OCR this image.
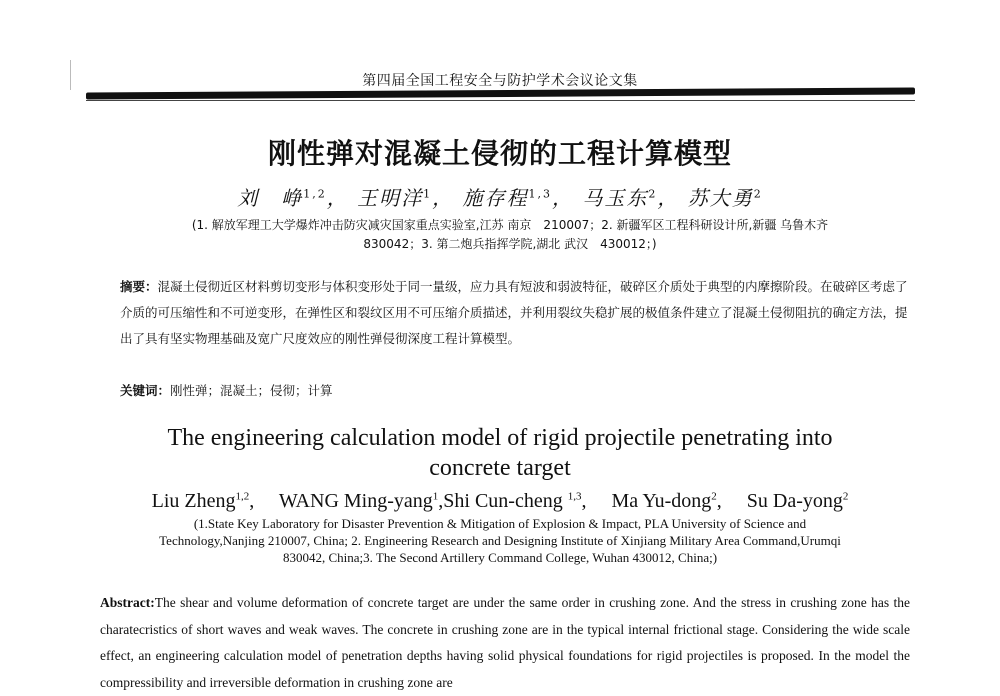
第四届全国工程安全与防护学术会议论文集
刚性弹对混凝土侵彻的工程计算模型
刘　峥$^{1,2}$， 王明洋$^1$， 施存程$^{1,3}$， 马玉东$^2$， 苏大勇$^2$
(1. 解放军理工大学爆炸冲击防灾减灾国家重点实验室,江苏 南京　210007；2. 新疆军区工程科研设计所,新疆 乌鲁木齐
830042；3. 第二炮兵指挥学院,湖北 武汉　430012；)
摘要：混凝土侵彻近区材料剪切变形与体积变形处于同一量级，应力具有短波和弱波特征，破碎区介质处于典型的内摩擦阶段。在破碎区考虑了介质的可压缩性和不可逆变形，在弹性区和裂纹区用不可压缩介质描述，并利用裂纹失稳扩展的极值条件建立了混凝土侵彻阻抗的确定方法，提出了具有坚实物理基础及宽广尺度效应的刚性弹侵彻深度工程计算模型。
关键词：刚性弹；混凝土；侵彻；计算
The engineering calculation model of rigid projectile penetrating into
concrete target
Liu Zheng$^{1,2}$,     WANG Ming-yang$^1$,Shi Cun-cheng $^{1,3}$,     Ma Yu-dong$^2$,     Su Da-yong$^2$
(1.State Key Laboratory for Disaster Prevention & Mitigation of Explosion & Impact, PLA University of Science and
Technology,Nanjing 210007, China; 2. Engineering Research and Designing Institute of Xinjiang Military Area Command,Urumqi
830042, China;3. The Second Artillery Command College, Wuhan 430012, China;)
Abstract:The shear and volume deformation of concrete target are under the same order in crushing zone. And the stress in crushing zone has the charatecristics of short waves and weak waves. The concrete in crushing zone are in the typical internal frictional stage. Considering the wide scale effect, an engineering calculation model of penetration depths having solid physical foundations for rigid projectiles is proposed. In the model the compressibility and irreversible deformation in crushing zone are
